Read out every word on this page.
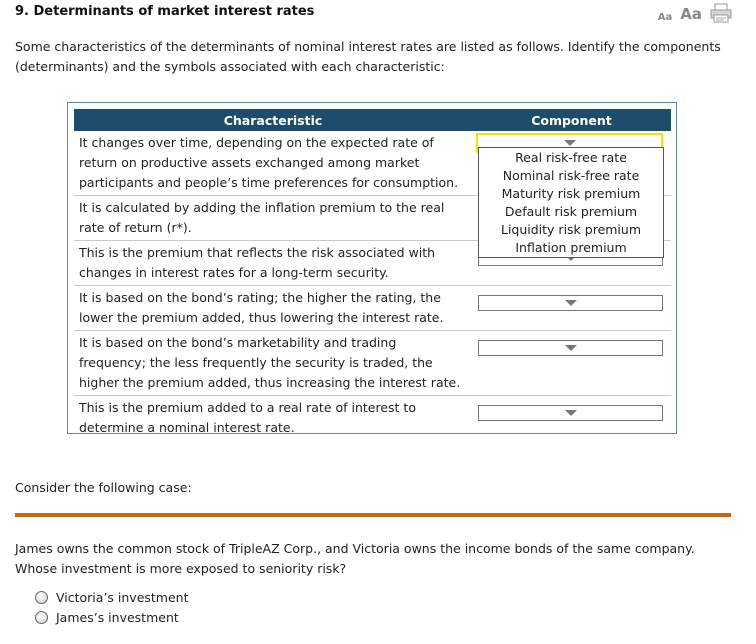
9. Determinants of market interest rates	Aa Aa
Some characteristics of the determinants of nominal interest rates are listed as follows. Identify the components (determinants) and the symbols associated with each characteristic:
Characteristic	Component
It changes over time, depending on the expected rate of return on productive assets exchanged among market participants and people’s time preferences for consumption.	

It is calculated by adding the inflation premium to the real rate of return (r*).	

This is the premium that reflects the risk associated with changes in interest rates for a long-term security.	

It is based on the bond’s rating; the higher the rating, the lower the premium added, thus lowering the interest rate.	

It is based on the bond’s marketability and trading frequency; the less frequently the security is traded, the higher the premium added, thus increasing the interest rate.	

This is the premium added to a real rate of interest to determine a nominal interest rate.	
Real risk-free rate
Nominal risk-free rate
Maturity risk premium
Default risk premium
Liquidity risk premium
Inflation premium
Consider the following case:
James owns the common stock of TripleAZ Corp., and Victoria owns the income bonds of the same company. Whose investment is more exposed to seniority risk?
Victoria’s investment
James’s investment
